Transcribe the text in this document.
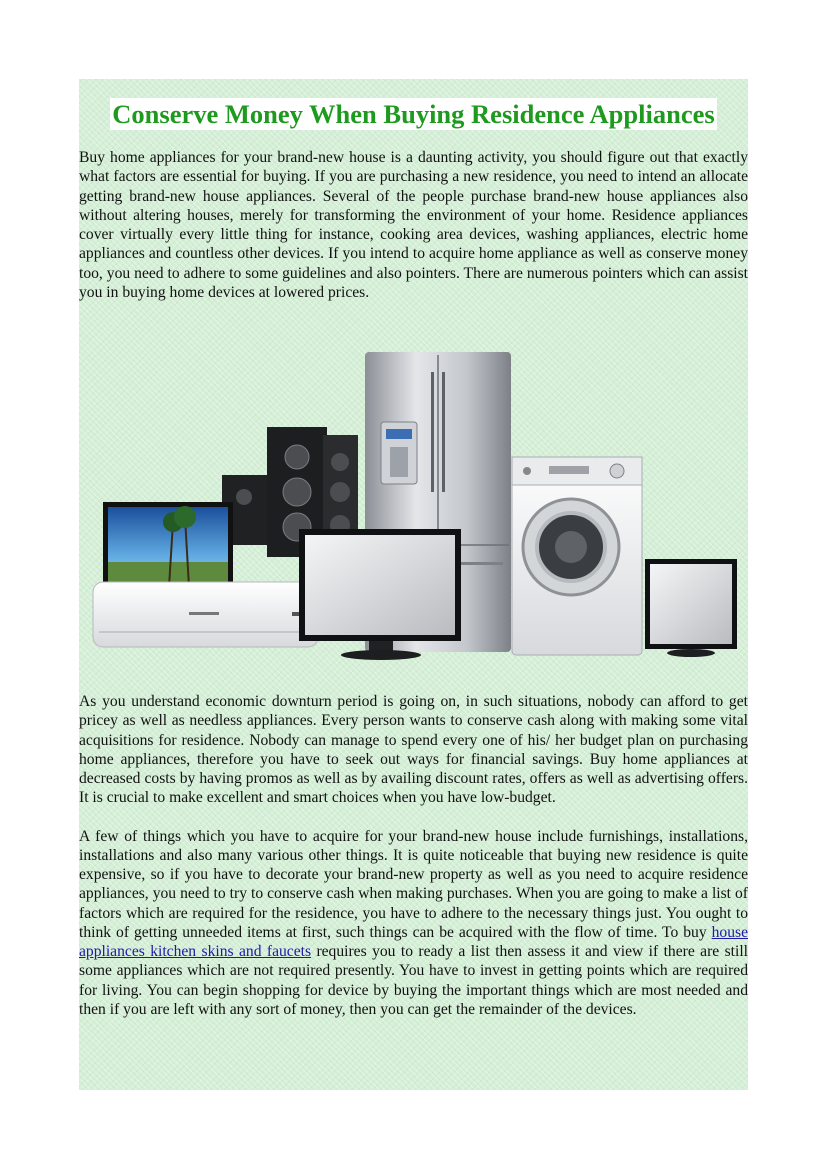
Conserve Money When Buying Residence Appliances

Buy home appliances for your brand-new house is a daunting activity, you should figure out that exactly what factors are essential for buying. If you are purchasing a new residence, you need to intend an allocate getting brand-new house appliances. Several of the people purchase brand-new house appliances also without altering houses, merely for transforming the environment of your home. Residence appliances cover virtually every little thing for instance, cooking area devices, washing appliances, electric home appliances and countless other devices. If you intend to acquire home appliance as well as conserve money too, you need to adhere to some guidelines and also pointers. There are numerous pointers which can assist you in buying home devices at lowered prices.

As you understand economic downturn period is going on, in such situations, nobody can afford to get pricey as well as needless appliances. Every person wants to conserve cash along with making some vital acquisitions for residence. Nobody can manage to spend every one of his/ her budget plan on purchasing home appliances, therefore you have to seek out ways for financial savings. Buy home appliances at decreased costs by having promos as well as by availing discount rates, offers as well as advertising offers. It is crucial to make excellent and smart choices when you have low-budget.

A few of things which you have to acquire for your brand-new house include furnishings, installations, installations and also many various other things. It is quite noticeable that buying new residence is quite expensive, so if you have to decorate your brand-new property as well as you need to acquire residence appliances, you need to try to conserve cash when making purchases. When you are going to make a list of factors which are required for the residence, you have to adhere to the necessary things just. You ought to think of getting unneeded items at first, such things can be acquired with the flow of time. To buy house appliances kitchen skins and faucets requires you to ready a list then assess it and view if there are still some appliances which are not required presently. You have to invest in getting points which are required for living. You can begin shopping for device by buying the important things which are most needed and then if you are left with any sort of money, then you can get the remainder of the devices.
